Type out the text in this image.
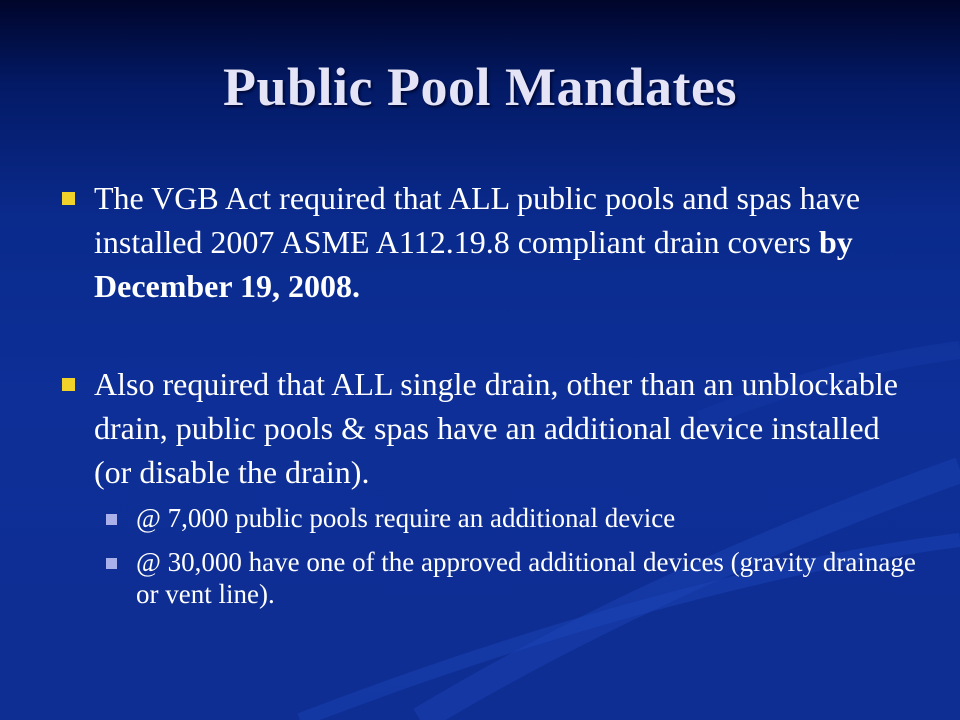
Public Pool Mandates
The VGB Act required that ALL public pools and spas have installed 2007 ASME A112.19.8 compliant drain covers by December 19, 2008.
Also required that ALL single drain, other than an unblockable drain, public pools & spas have an additional device installed (or disable the drain).
@ 7,000 public pools require an additional device
@ 30,000 have one of the approved additional devices (gravity drainage or vent line).
